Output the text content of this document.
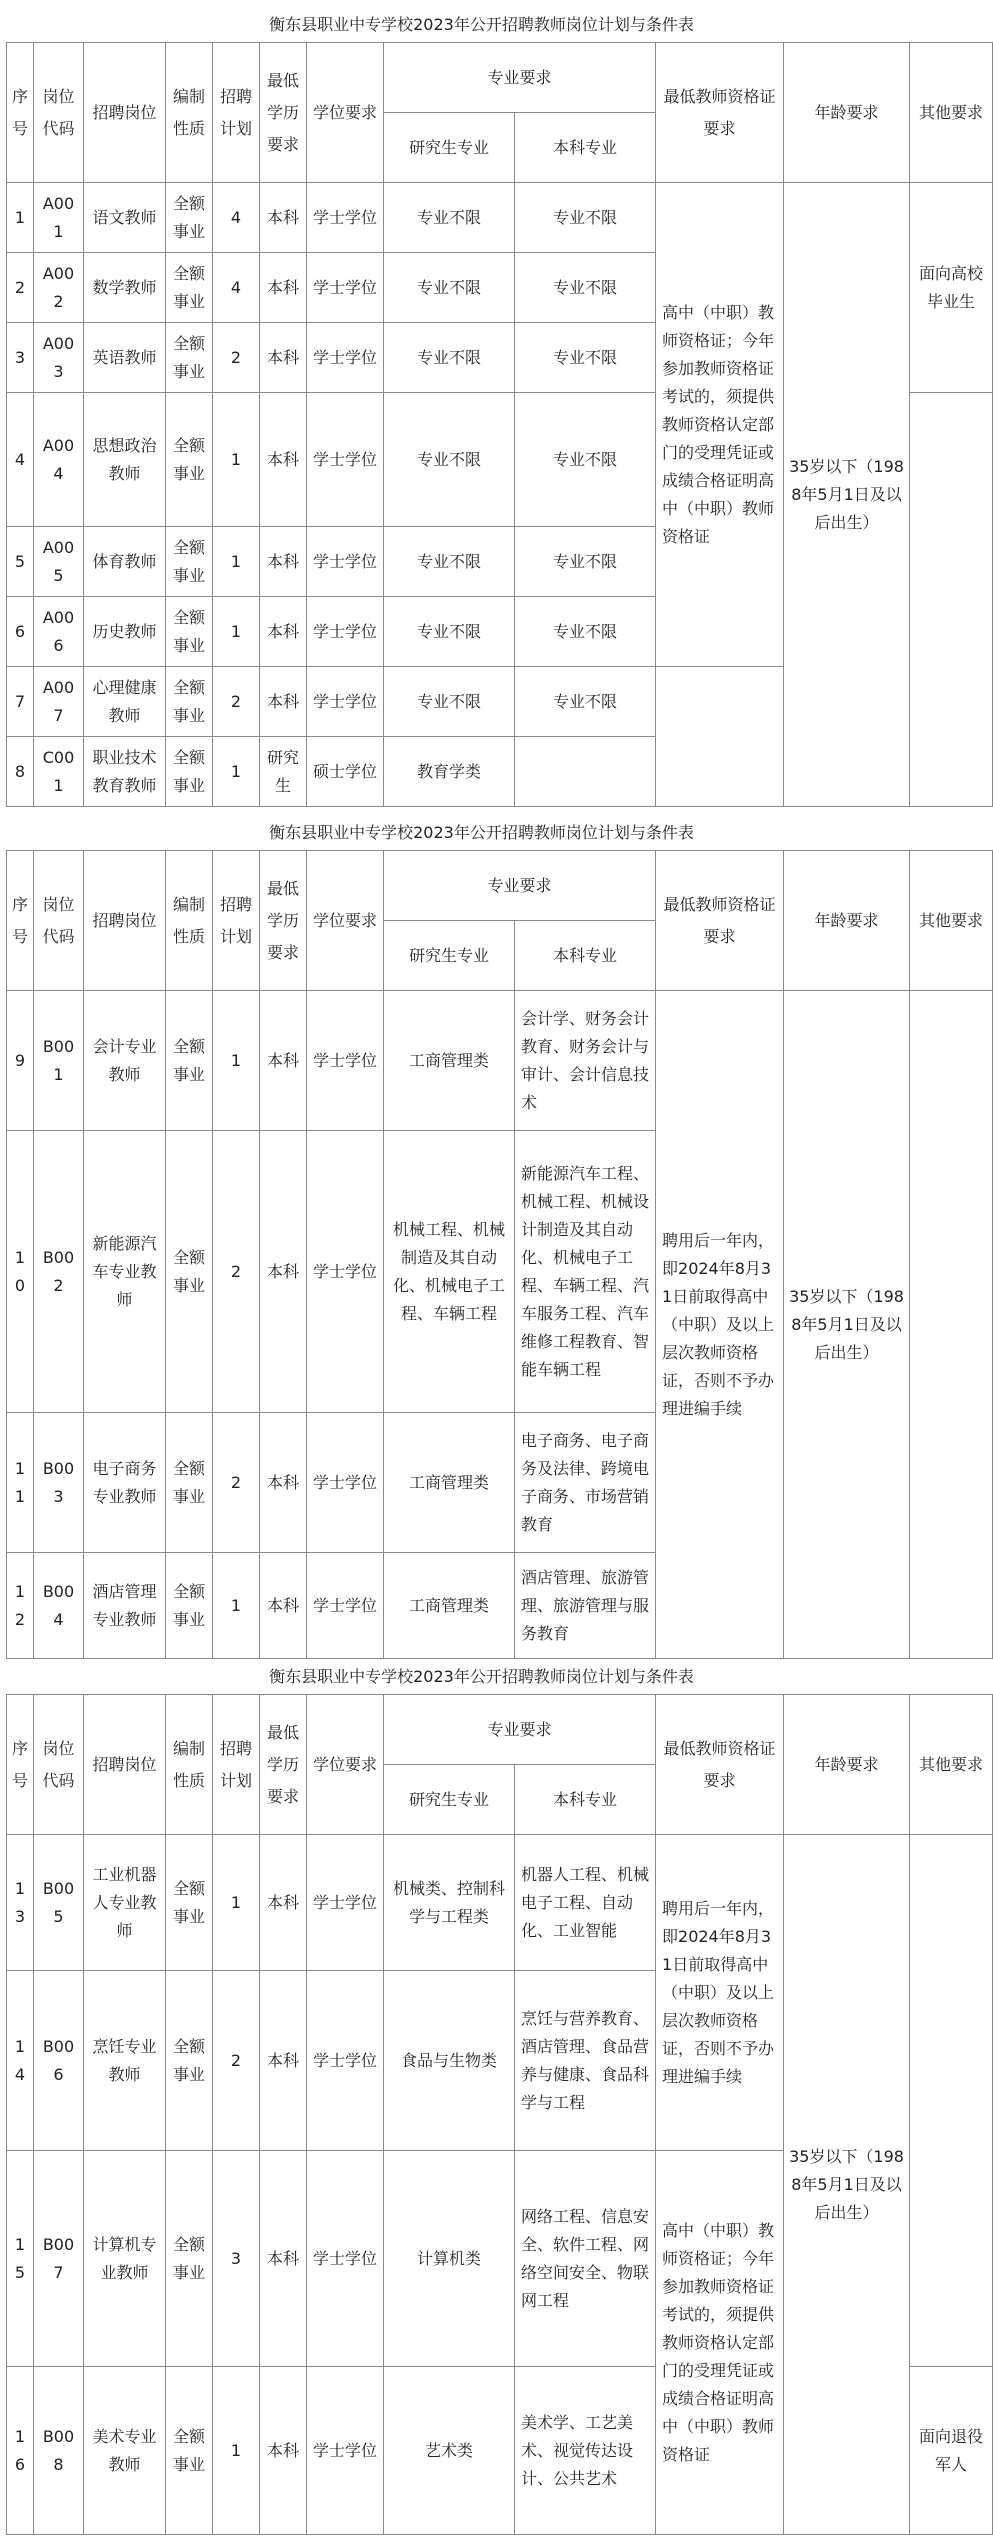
衡东县职业中专学校2023年公开招聘教师岗位计划与条件表
序号	岗位代码	招聘岗位	编制性质	招聘计划	最低学历要求	学位要求	专业要求		最低教师资格证要求	年龄要求	其他要求
							研究生专业	本科专业			
1	A001	语文教师	全额事业	4	本科	学士学位	专业不限	专业不限	高中（中职）教师资格证；今年参加教师资格证考试的，须提供教师资格认定部门的受理凭证或成绩合格证明高中（中职）教师资格证	35岁以下（1988年5月1日及以后出生）	面向高校毕业生
2	A002	数学教师	全额事业	4	本科	学士学位	专业不限	专业不限			
3	A003	英语教师	全额事业	2	本科	学士学位	专业不限	专业不限			
4	A004	思想政治教师	全额事业	1	本科	学士学位	专业不限	专业不限			
5	A005	体育教师	全额事业	1	本科	学士学位	专业不限	专业不限			
6	A006	历史教师	全额事业	1	本科	学士学位	专业不限	专业不限			
7	A007	心理健康教师	全额事业	2	本科	学士学位	专业不限	专业不限			
8	C001	职业技术教育教师	全额事业	1	研究生	硕士学位	教育学类				
衡东县职业中专学校2023年公开招聘教师岗位计划与条件表
序号	岗位代码	招聘岗位	编制性质	招聘计划	最低学历要求	学位要求	专业要求		最低教师资格证要求	年龄要求	其他要求
							研究生专业	本科专业			
9	B001	会计专业教师	全额事业	1	本科	学士学位	工商管理类	会计学、财务会计教育、财务会计与审计、会计信息技术	聘用后一年内，即2024年8月31日前取得高中（中职）及以上层次教师资格证，否则不予办理进编手续	35岁以下（1988年5月1日及以后出生）	
10	B002	新能源汽车专业教师	全额事业	2	本科	学士学位	机械工程、机械制造及其自动化、机械电子工程、车辆工程	新能源汽车工程、机械工程、机械设计制造及其自动化、机械电子工程、车辆工程、汽车服务工程、汽车维修工程教育、智能车辆工程			
11	B003	电子商务专业教师	全额事业	2	本科	学士学位	工商管理类	电子商务、电子商务及法律、跨境电子商务、市场营销教育			
12	B004	酒店管理专业教师	全额事业	1	本科	学士学位	工商管理类	酒店管理、旅游管理、旅游管理与服务教育			
衡东县职业中专学校2023年公开招聘教师岗位计划与条件表
序号	岗位代码	招聘岗位	编制性质	招聘计划	最低学历要求	学位要求	专业要求		最低教师资格证要求	年龄要求	其他要求
							研究生专业	本科专业			
13	B005	工业机器人专业教师	全额事业	1	本科	学士学位	机械类、控制科学与工程类	机器人工程、机械电子工程、自动化、工业智能	聘用后一年内，即2024年8月31日前取得高中（中职）及以上层次教师资格证，否则不予办理进编手续	35岁以下（1988年5月1日及以后出生）	
14	B006	烹饪专业教师	全额事业	2	本科	学士学位	食品与生物类	烹饪与营养教育、酒店管理、食品营养与健康、食品科学与工程			
15	B007	计算机专业教师	全额事业	3	本科	学士学位	计算机类	网络工程、信息安全、软件工程、网络空间安全、物联网工程	高中（中职）教师资格证；今年参加教师资格证考试的，须提供教师资格认定部门的受理凭证或成绩合格证明高中（中职）教师资格证		
16	B008	美术专业教师	全额事业	1	本科	学士学位	艺术类	美术学、工艺美术、视觉传达设计、公共艺术			面向退役军人
